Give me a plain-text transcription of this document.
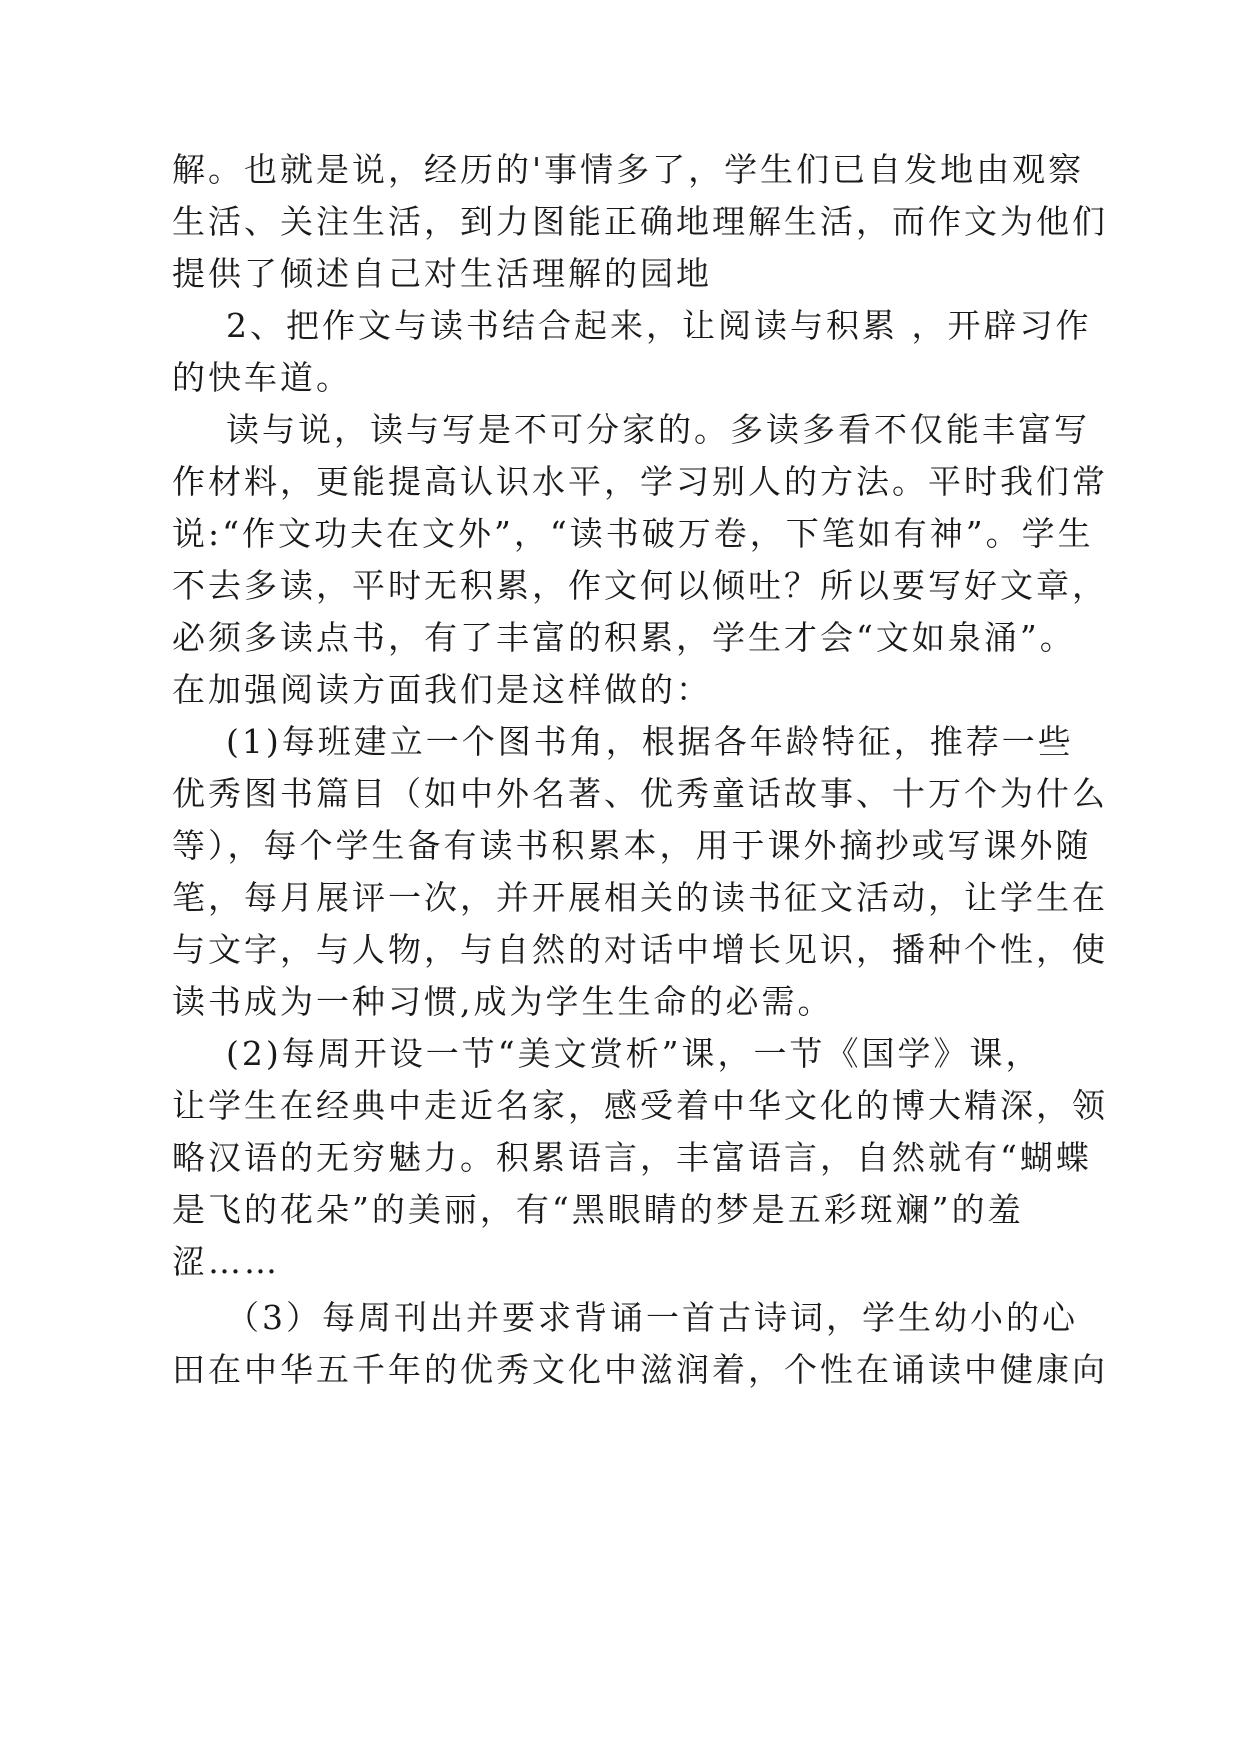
解。也就是说，经历的'事情多了，学生们已自发地由观察
生活、关注生活，到力图能正确地理解生活，而作文为他们
提供了倾述自己对生活理解的园地
2、把作文与读书结合起来，让阅读与积累 ，开辟习作
的快车道。
读与说，读与写是不可分家的。多读多看不仅能丰富写
作材料，更能提高认识水平，学习别人的方法。平时我们常
说:“作文功夫在文外”，“读书破万卷，下笔如有神”。学生
不去多读，平时无积累，作文何以倾吐？所以要写好文章，
必须多读点书，有了丰富的积累，学生才会“文如泉涌”。
在加强阅读方面我们是这样做的：
(1)每班建立一个图书角，根据各年龄特征，推荐一些
优秀图书篇目（如中外名著、优秀童话故事、十万个为什么
等），每个学生备有读书积累本，用于课外摘抄或写课外随
笔，每月展评一次，并开展相关的读书征文活动，让学生在
与文字，与人物，与自然的对话中增长见识，播种个性，使
读书成为一种习惯,成为学生生命的必需。
(2)每周开设一节“美文赏析”课，一节《国学》课，
让学生在经典中走近名家，感受着中华文化的博大精深，领
略汉语的无穷魅力。积累语言，丰富语言，自然就有“蝴蝶
是飞的花朵”的美丽，有“黑眼睛的梦是五彩斑斓”的羞
涩……
（3）每周刊出并要求背诵一首古诗词，学生幼小的心
田在中华五千年的优秀文化中滋润着，个性在诵读中健康向
